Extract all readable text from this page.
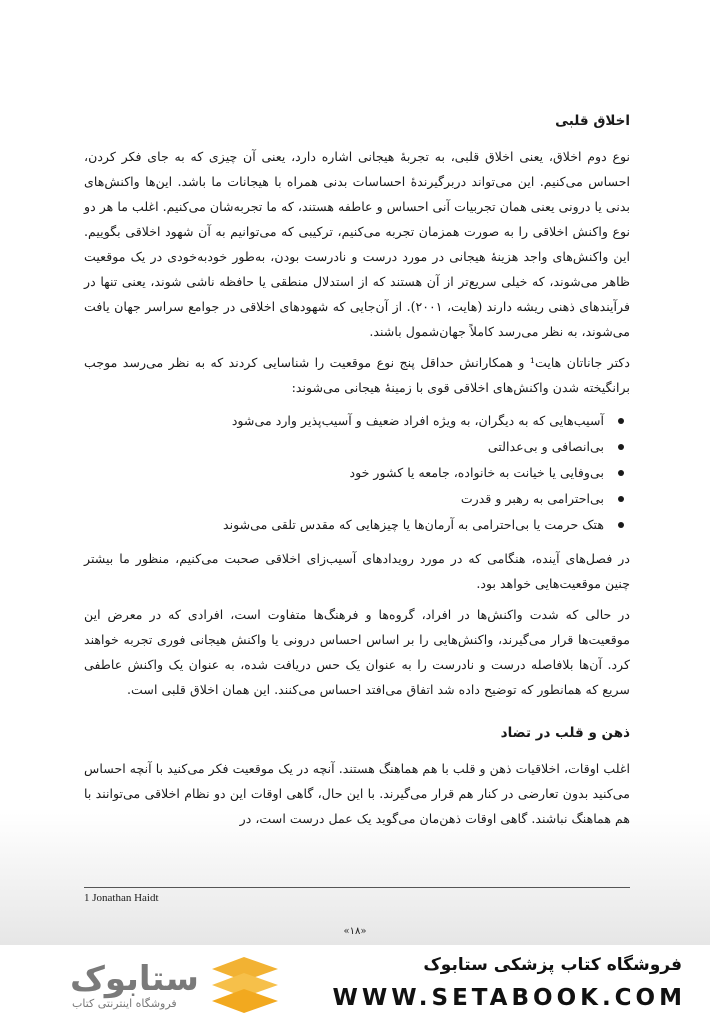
اخلاق قلبی

نوع دوم اخلاق، یعنی اخلاق قلبی، به تجربهٔ هیجانی اشاره دارد، یعنی آن چیزی که به جای فکر کردن، احساس می‌کنیم. این می‌تواند دربرگیرندهٔ احساسات بدنی همراه با هیجانات ما باشد. این‌ها واکنش‌های بدنی یا درونی یعنی همان تجربیات آنی احساس و عاطفه هستند، که ما تجربه‌شان می‌کنیم. اغلب ما هر دو نوع واکنش اخلاقی را به صورت همزمان تجربه می‌کنیم، ترکیبی که می‌توانیم به آن شهود اخلاقی بگوییم. این واکنش‌های واجد هزینهٔ هیجانی در مورد درست و نادرست بودن، به‌طور خودبه‌خودی در یک موقعیت ظاهر می‌شوند، که خیلی سریع‌تر از آن هستند که از استدلال منطقی یا حافظه ناشی شوند، یعنی تنها در فرآیندهای ذهنی ریشه دارند (هایت، ۲۰۰۱). از آن‌جایی که شهودهای اخلاقی در جوامع سراسر جهان یافت می‌شوند، به نظر می‌رسد کاملاً جهان‌شمول باشند.

دکتر جاناتان هایت¹ و همکارانش حداقل پنج نوع موقعیت را شناسایی کردند که به نظر می‌رسد موجب برانگیخته شدن واکنش‌های اخلاقی قوی با زمینهٔ هیجانی می‌شوند:

آسیب‌هایی که به دیگران، به ویژه افراد ضعیف و آسیب‌پذیر وارد می‌شود
بی‌انصافی و بی‌عدالتی
بی‌وفایی یا خیانت به خانواده، جامعه یا کشور خود
بی‌احترامی به رهبر و قدرت
هتک حرمت یا بی‌احترامی به آرمان‌ها یا چیزهایی که مقدس تلقی می‌شوند

در فصل‌های آینده، هنگامی که در مورد رویدادهای آسیب‌زای اخلاقی صحبت می‌کنیم، منظور ما بیشتر چنین موقعیت‌هایی خواهد بود.

در حالی که شدت واکنش‌ها در افراد، گروه‌ها و فرهنگ‌ها متفاوت است، افرادی که در معرض این موقعیت‌ها قرار می‌گیرند، واکنش‌هایی را بر اساس احساس درونی یا واکنش هیجانی فوری تجربه خواهند کرد. آن‌ها بلافاصله درست و نادرست را به عنوان یک حس دریافت شده، به عنوان یک واکنش عاطفی سریع که همانطور که توضیح داده شد اتفاق می‌افتد احساس می‌کنند. این همان اخلاق قلبی است.

ذهن و قلب در تضاد

اغلب اوقات، اخلاقیات ذهن و قلب با هم هماهنگ هستند. آنچه در یک موقعیت فکر می‌کنید با آنچه احساس می‌کنید بدون تعارضی در کنار هم قرار می‌گیرند. با این حال، گاهی اوقات این دو نظام اخلاقی می‌توانند با هم هماهنگ نباشند. گاهی اوقات ذهن‌مان می‌گوید یک عمل درست است، در

1 Jonathan Haidt
«۱۸»
ستابوک
فروشگاه اینترنتی کتاب
فروشگاه کتاب پزشکی ستابوک
WWW.SETABOOK.COM
